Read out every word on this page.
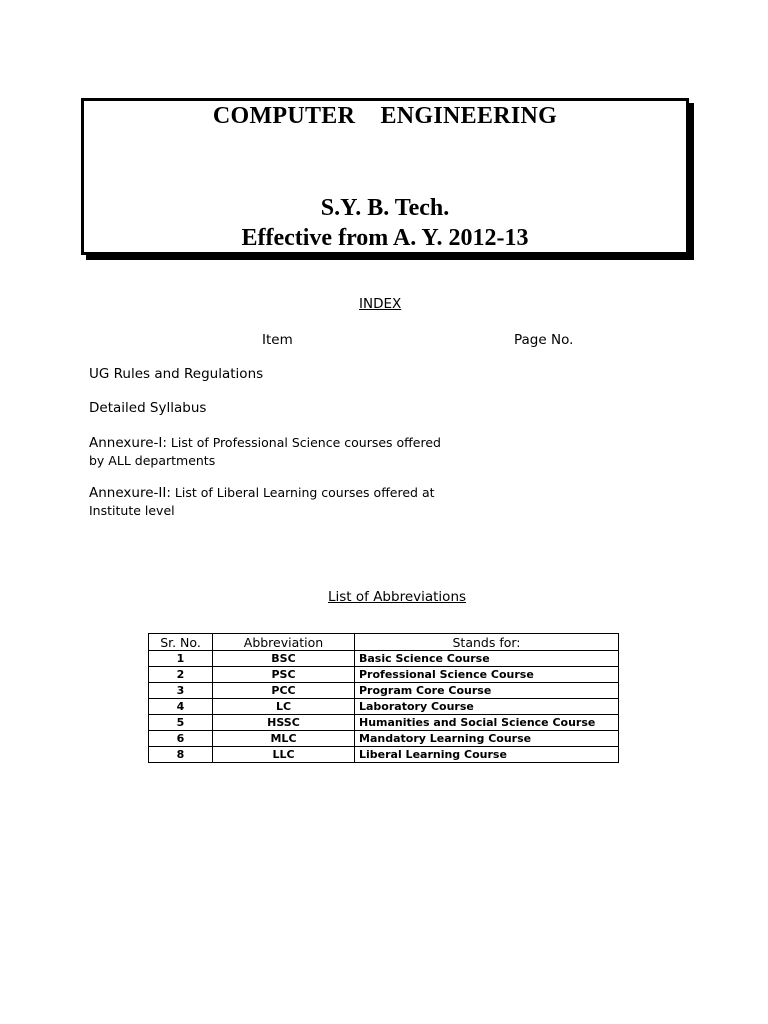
COMPUTER    ENGINEERING
S.Y. B. Tech.
Effective from A. Y. 2012-13
INDEX
Item	Page No.
UG Rules and Regulations
Detailed Syllabus
Annexure-I: List of Professional Science courses offered
by ALL departments
Annexure-II: List of Liberal Learning courses offered at
Institute level
List of Abbreviations
Sr. No.	Abbreviation	Stands for:
1	BSC	Basic Science Course
2	PSC	Professional Science Course
3	PCC	Program Core Course
4	LC	Laboratory Course
5	HSSC	Humanities and Social Science Course
6	MLC	Mandatory Learning Course
8	LLC	Liberal Learning Course
